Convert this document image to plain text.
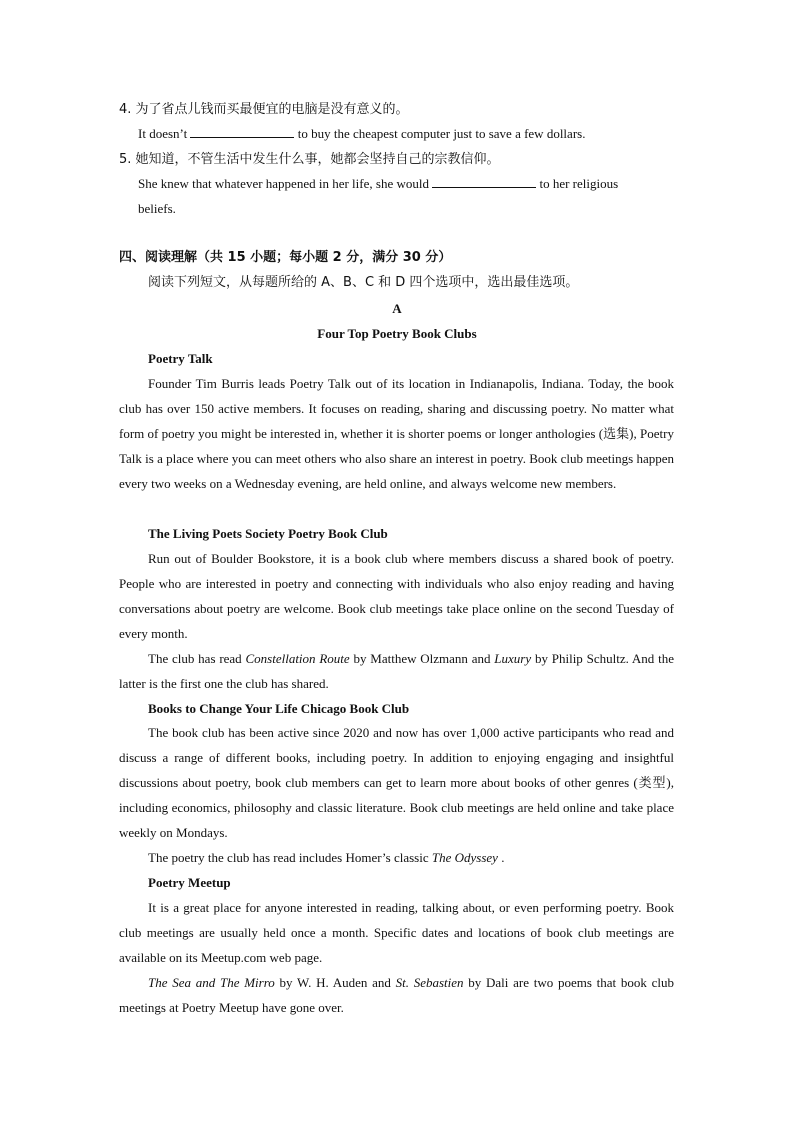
4. 为了省点儿钱而买最便宜的电脑是没有意义的。
It doesn’t	to buy the cheapest computer just to save a few dollars.
5. 她知道，不管生活中发生什么事，她都会坚持自己的宗教信仰。
She knew that whatever happened in her life, she would	to her religious
beliefs.
四、阅读理解（共 15 小题；每小题 2 分，满分 30 分）
阅读下列短文，从每题所给的 A、B、C 和 D 四个选项中，选出最佳选项。
A
Four Top Poetry Book Clubs
Poetry Talk

Founder Tim Burris leads Poetry Talk out of its location in Indianapolis, Indiana. Today, the book club has over 150 active members. It focuses on reading, sharing and discussing poetry. No matter what form of poetry you might be interested in, whether it is shorter poems or longer anthologies (选集), Poetry Talk is a place where you can meet others who also share an interest in poetry. Book club meetings happen every two weeks on a Wednesday evening, are held online, and always welcome new members.

The Living Poets Society Poetry Book Club

Run out of Boulder Bookstore, it is a book club where members discuss a shared book of poetry. People who are interested in poetry and connecting with individuals who also enjoy reading and having conversations about poetry are welcome. Book club meetings take place online on the second Tuesday of every month.

The club has read Constellation Route by Matthew Olzmann and Luxury by Philip Schultz. And the latter is the first one the club has shared.

Books to Change Your Life Chicago Book Club

The book club has been active since 2020 and now has over 1,000 active participants who read and discuss a range of different books, including poetry. In addition to enjoying engaging and insightful discussions about poetry, book club members can get to learn more about books of other genres (类型), including economics, philosophy and classic literature. Book club meetings are held online and take place weekly on Mondays.

The poetry the club has read includes Homer’s classic The Odyssey .

Poetry Meetup

It is a great place for anyone interested in reading, talking about, or even performing poetry. Book club meetings are usually held once a month. Specific dates and locations of book club meetings are available on its Meetup.com web page.

The Sea and The Mirro by W. H. Auden and St. Sebastien by Dali are two poems that book club meetings at Poetry Meetup have gone over.
